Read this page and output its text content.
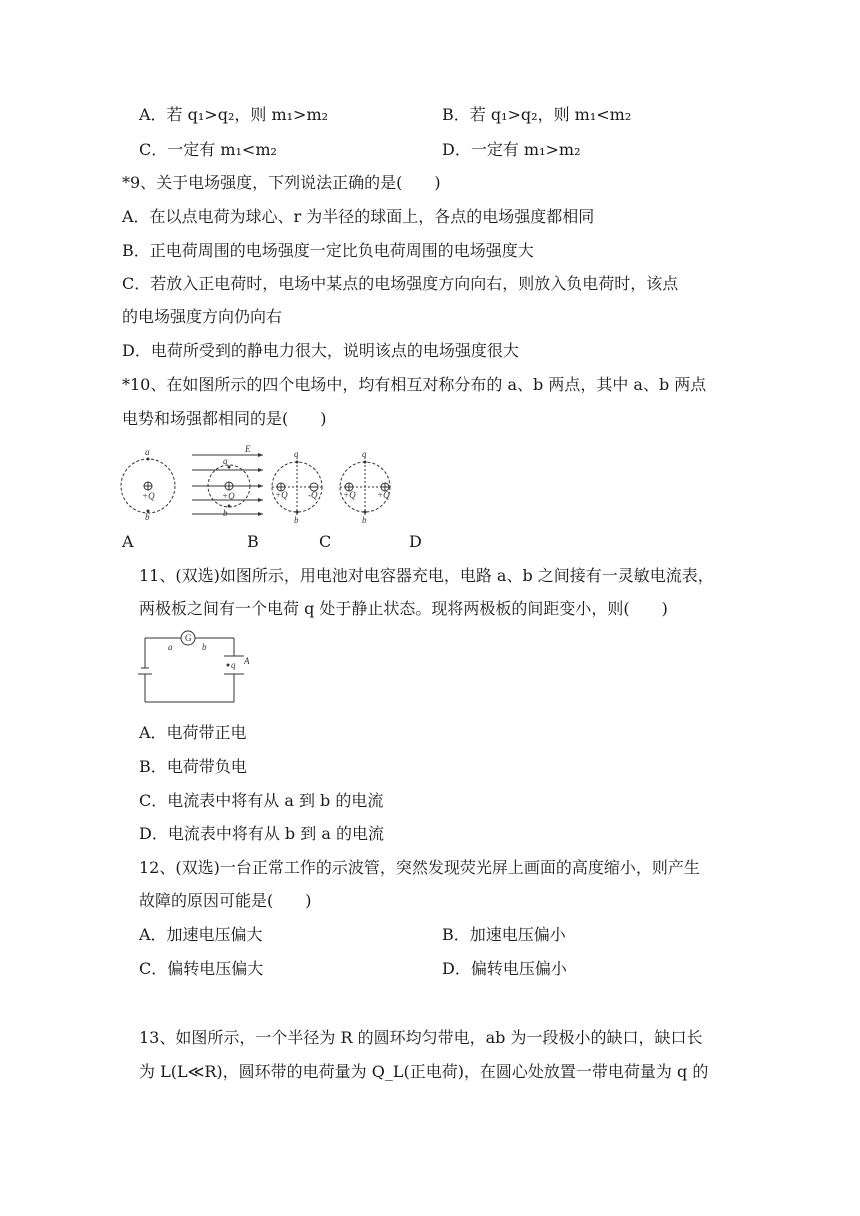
A．若 q₁>q₂，则 m₁>m₂	B．若 q₁>q₂，则 m₁<m₂
C．一定有 m₁<m₂	D．一定有 m₁>m₂
*9、关于电场强度，下列说法正确的是(　　)
A．在以点电荷为球心、r 为半径的球面上，各点的电场强度都相同
B．正电荷周围的电场强度一定比负电荷周围的电场强度大
C．若放入正电荷时，电场中某点的电场强度方向向右，则放入负电荷时，该点
的电场强度方向仍向右
D．电荷所受到的静电力很大，说明该点的电场强度很大
*10、在如图所示的四个电场中，均有相互对称分布的 a、b 两点，其中 a、b 两点
电势和场强都相同的是(　　)
a
+Q
b
E
a
+Q
b
a
+Q -Q
b
a
+Q +Q
b
A	B	C	D
11、(双选)如图所示，用电池对电容器充电，电路 a、b 之间接有一灵敏电流表，
两极板之间有一个电荷 q 处于静止状态。现将两极板的间距变小，则(　　)
G
a	b
A
q
A．电荷带正电
B．电荷带负电
C．电流表中将有从 a 到 b 的电流
D．电流表中将有从 b 到 a 的电流
12、(双选)一台正常工作的示波管，突然发现荧光屏上画面的高度缩小，则产生
故障的原因可能是(　　)
A．加速电压偏大	B．加速电压偏小
C．偏转电压偏大	D．偏转电压偏小
13、如图所示，一个半径为 R 的圆环均匀带电，ab 为一段极小的缺口，缺口长
为 L(L≪R)，圆环带的电荷量为 Q_L(正电荷)，在圆心处放置一带电荷量为 q 的
